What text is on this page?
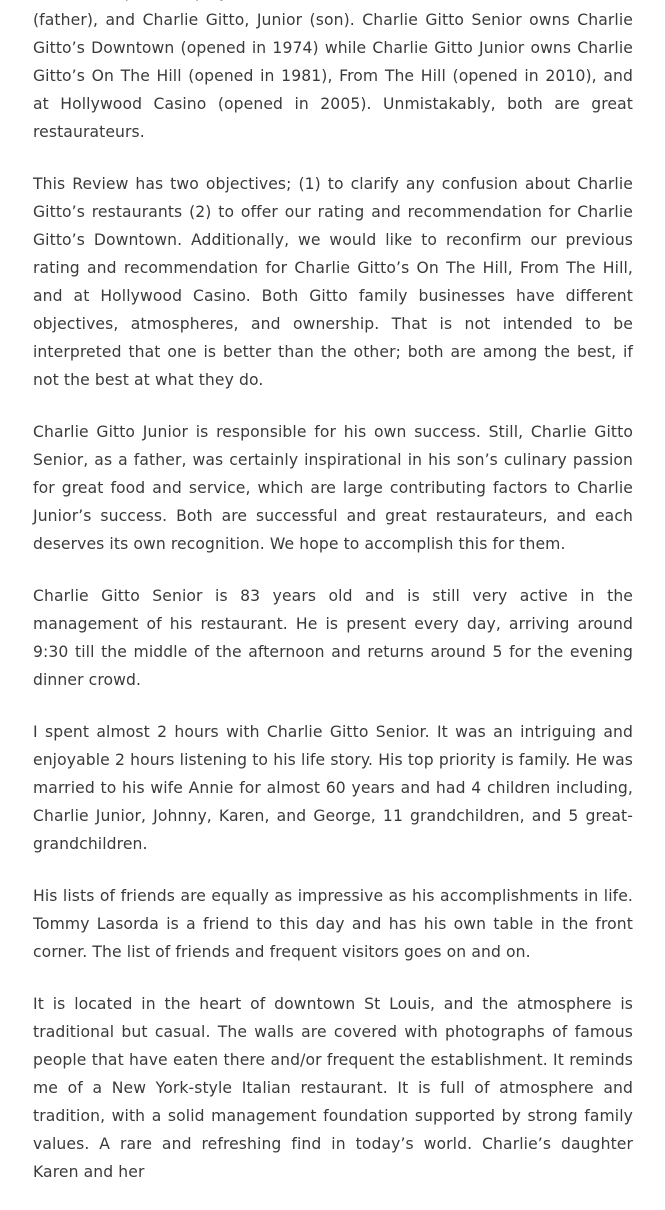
(father), and Charlie Gitto, Junior (son). Charlie Gitto Senior owns Charlie Gitto’s Downtown (opened in 1974) while Charlie Gitto Junior owns Charlie Gitto’s On The Hill (opened in 1981), From The Hill (opened in 2010), and at Hollywood Casino (opened in 2005). Unmistakably, both are great restaurateurs.

This Review has two objectives; (1) to clarify any confusion about Charlie Gitto’s restaurants (2) to offer our rating and recommendation for Charlie Gitto’s Downtown. Additionally, we would like to reconfirm our previous rating and recommendation for Charlie Gitto’s On The Hill, From The Hill, and at Hollywood Casino. Both Gitto family businesses have different objectives, atmospheres, and ownership. That is not intended to be interpreted that one is better than the other; both are among the best, if not the best at what they do.

Charlie Gitto Junior is responsible for his own success. Still, Charlie Gitto Senior, as a father, was certainly inspirational in his son’s culinary passion for great food and service, which are large contributing factors to Charlie Junior’s success. Both are successful and great restaurateurs, and each deserves its own recognition. We hope to accomplish this for them.

Charlie Gitto Senior is 83 years old and is still very active in the management of his restaurant. He is present every day, arriving around 9:30 till the middle of the afternoon and returns around 5 for the evening dinner crowd.

I spent almost 2 hours with Charlie Gitto Senior. It was an intriguing and enjoyable 2 hours listening to his life story. His top priority is family. He was married to his wife Annie for almost 60 years and had 4 children including, Charlie Junior, Johnny, Karen, and George, 11 grandchildren, and 5 great-grandchildren.

His lists of friends are equally as impressive as his accomplishments in life. Tommy Lasorda is a friend to this day and has his own table in the front corner. The list of friends and frequent visitors goes on and on.

It is located in the heart of downtown St Louis, and the atmosphere is traditional but casual. The walls are covered with photographs of famous people that have eaten there and/or frequent the establishment. It reminds me of a New York-style Italian restaurant. It is full of atmosphere and tradition, with a solid management foundation supported by strong family values. A rare and refreshing find in today’s world. Charlie’s daughter Karen and her
